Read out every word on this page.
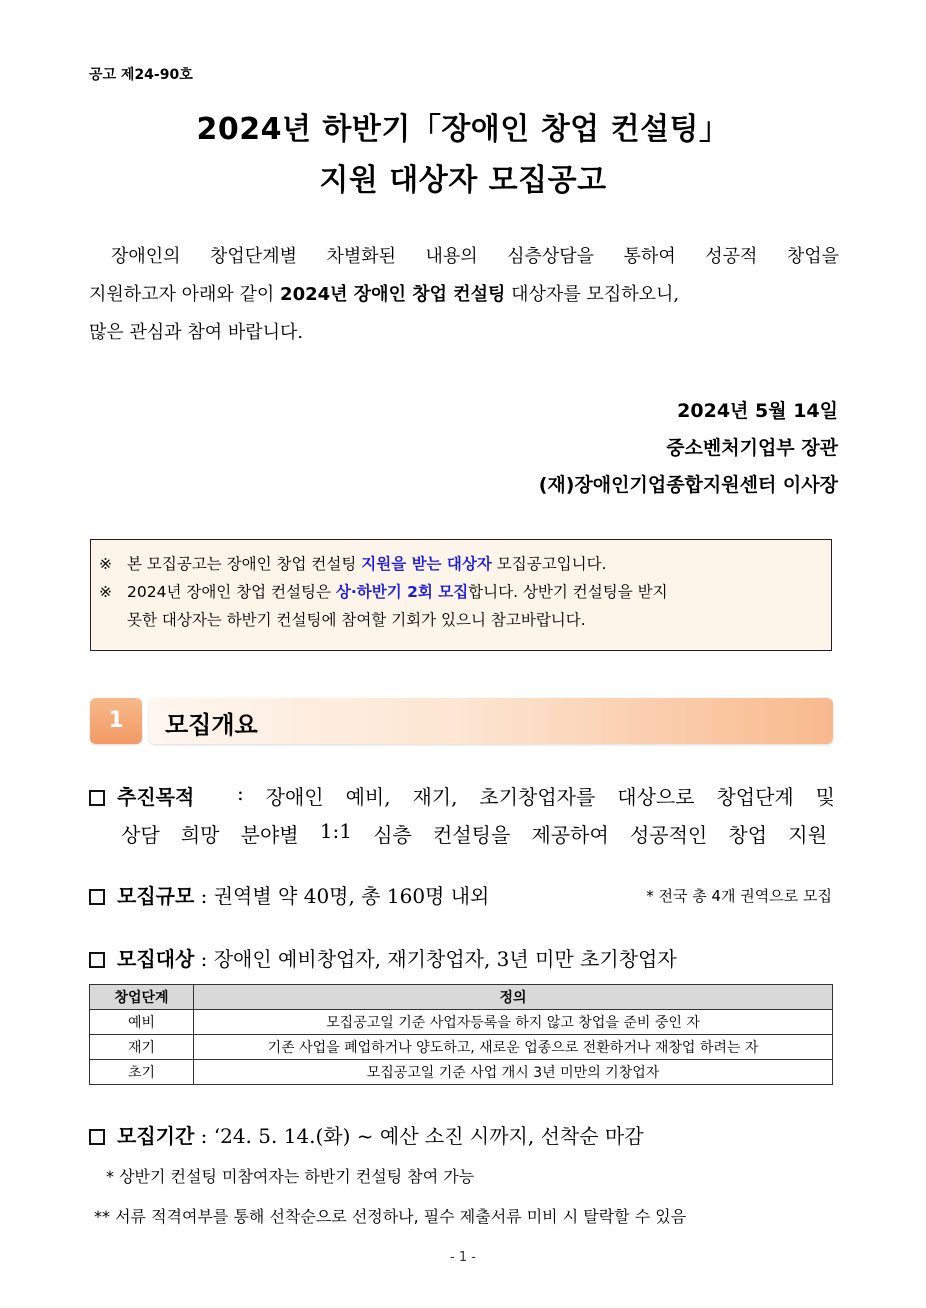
공고 제24-90호
2024년 하반기「장애인 창업 컨설팅」
지원 대상자 모집공고
장애인의 창업단계별 차별화된 내용의 심층상담을 통하여 성공적 창업을
지원하고자 아래와 같이 2024년 장애인 창업 컨설팅 대상자를 모집하오니,
많은 관심과 참여 바랍니다.
2024년 5월 14일
중소벤처기업부 장관
(재)장애인기업종합지원센터 이사장
※ 본 모집공고는 장애인 창업 컨설팅 지원을 받는 대상자 모집공고입니다.
※ 2024년 장애인 창업 컨설팅은 상·하반기 2회 모집합니다. 상반기 컨설팅을 받지
못한 대상자는 하반기 컨설팅에 참여할 기회가 있으니 참고바랍니다.
1	모집개요
추진목적 : 장애인 예비, 재기, 초기창업자를 대상으로 창업단계 및
상담 희망 분야별 1:1 심층 컨설팅을 제공하여 성공적인 창업 지원
모집규모 : 권역별 약 40명, 총 160명 내외	* 전국 총 4개 권역으로 모집
모집대상 : 장애인 예비창업자, 재기창업자, 3년 미만 초기창업자
창업단계	정의
예비	모집공고일 기준 사업자등록을 하지 않고 창업을 준비 중인 자
재기	기존 사업을 폐업하거나 양도하고, 새로운 업종으로 전환하거나 재창업 하려는 자
초기	모집공고일 기준 사업 개시 3년 미만의 기창업자
모집기간 : ‘24. 5. 14.(화) ~ 예산 소진 시까지, 선착순 마감
* 상반기 컨설팅 미참여자는 하반기 컨설팅 참여 가능
** 서류 적격여부를 통해 선착순으로 선정하나, 필수 제출서류 미비 시 탈락할 수 있음
- 1 -
